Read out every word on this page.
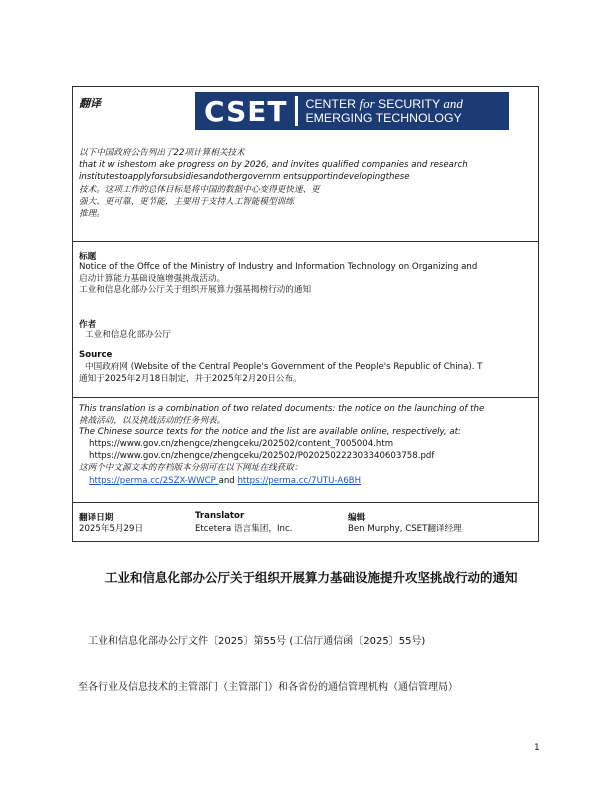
翻译	CSET CENTER for SECURITY and
EMERGING TECHNOLOGY
以下中国政府公告列出了22项计算相关技术
that it w ishestom ake progress on by 2026, and invites qualified companies and research
institutestoapplyforsubsidiesandothergovernm entsupportindevelopingthese
技术。这项工作的总体目标是将中国的数据中心变得更快速、更
强大、更可靠、更节能，主要用于支持人工智能模型训练
推理。
标题
Notice of the Offce of the Ministry of Industry and Information Technology on Organizing and
启动计算能力基础设施增强挑战活动。
工业和信息化部办公厅关于组织开展算力强基揭榜行动的通知
作者
工业和信息化部办公厅
Source
中国政府网 (Website of the Central People's Government of the People's Republic of China). T
通知于2025年2月18日制定，并于2025年2月20日公布。
This translation is a combination of two related documents: the notice on the launching of the
挑战活动，以及挑战活动的任务列表。
The Chinese source texts for the notice and the list are available online, respectively, at:
https://www.gov.cn/zhengce/zhengceku/202502/content_7005004.htm
https://www.gov.cn/zhengce/zhengceku/202502/P020250222303340603758.pdf
这两个中文源文本的存档版本分别可在以下网址在线获取：
https://perma.cc/2SZX-WWCP and https://perma.cc/7UTU-A6BH
翻译日期
2025年5月29日
Translator
Etcetera 语言集团，Inc.
编辑
Ben Murphy, CSET翻译经理
工业和信息化部办公厅关于组织开展算力基础设施提升攻坚挑战行动的通知
工业和信息化部办公厅文件〔2025〕第55号 (工信厅通信函〔2025〕55号)
至各行业及信息技术的主管部门（主管部门）和各省份的通信管理机构（通信管理局）
1
